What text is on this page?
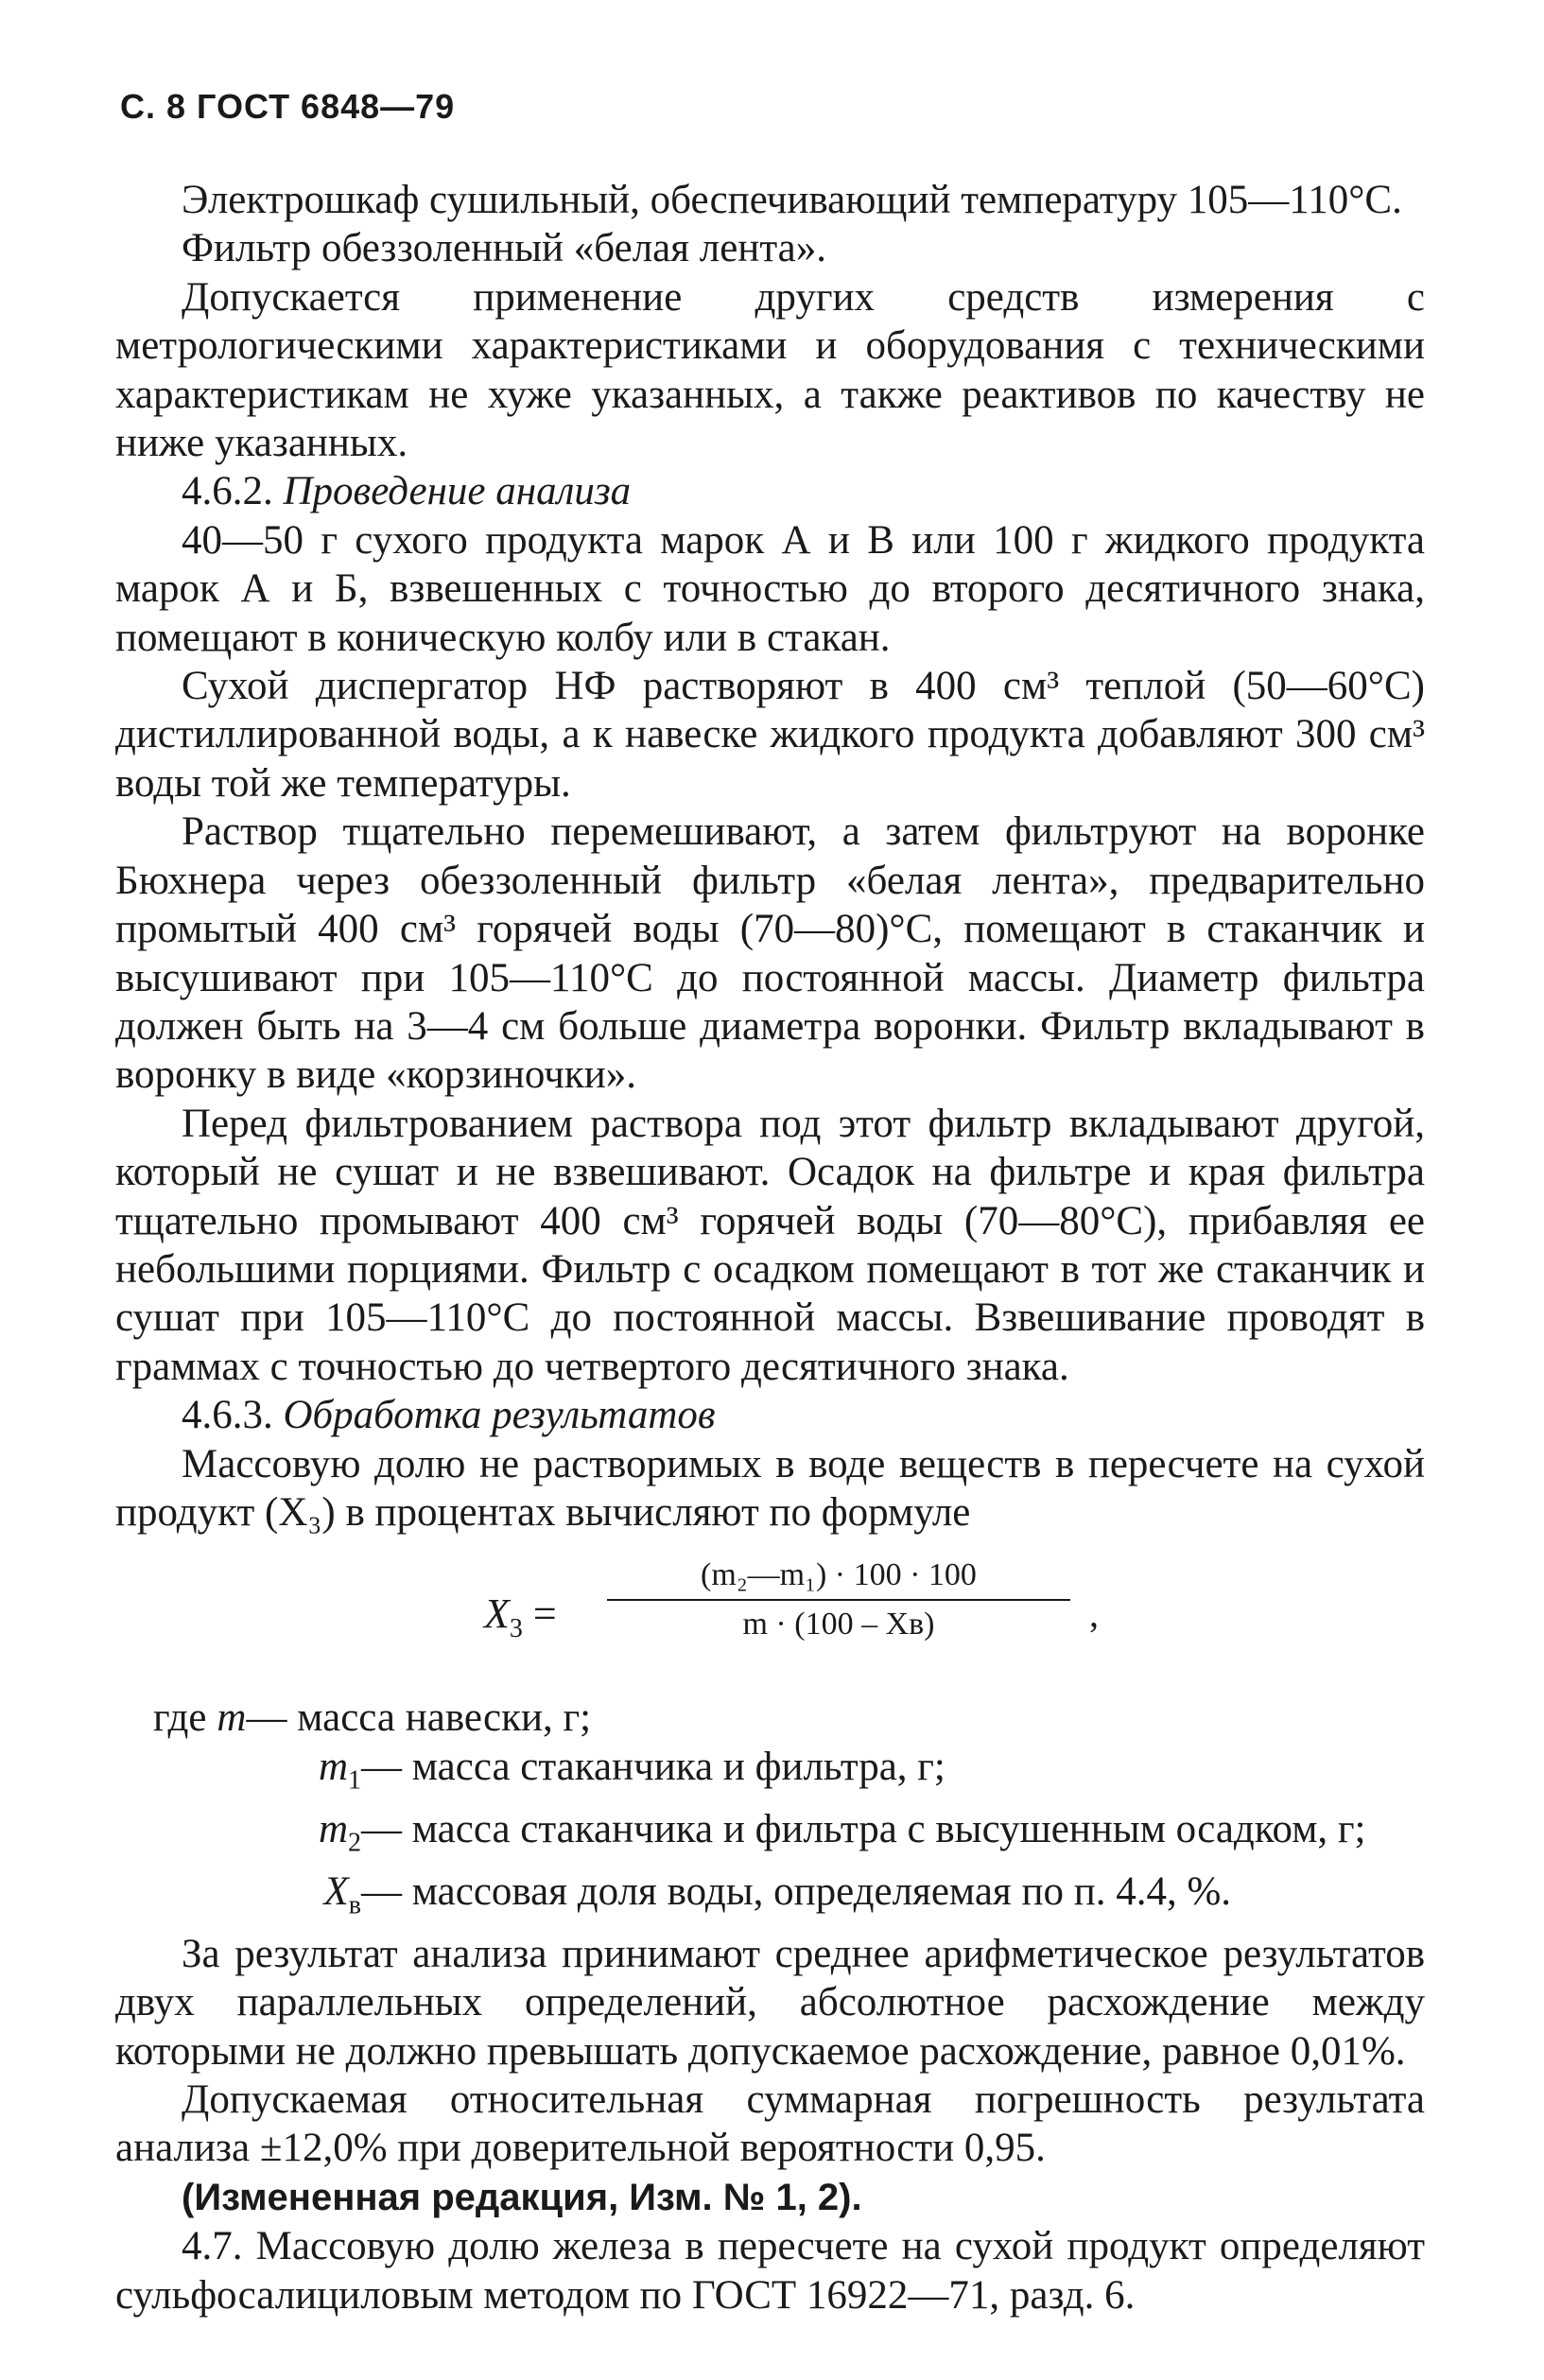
С. 8 ГОСТ 6848—79

Электрошкаф сушильный, обеспечивающий температуру 105—110°С.

Фильтр обеззоленный «белая лента».

Допускается применение других средств измерения с метрологическими характеристиками и оборудования с техническими характеристикам не хуже указанных, а также реактивов по качеству не ниже указанных.

4.6.2. Проведение анализа

40—50 г сухого продукта марок А и В или 100 г жидкого продукта марок А и Б, взвешенных с точностью до второго десятичного знака, помещают в коническую колбу или в стакан.

Сухой диспергатор НФ растворяют в 400 см³ теплой (50—60°С) дистиллированной воды, а к навеске жидкого продукта добавляют 300 см³ воды той же температуры.

Раствор тщательно перемешивают, а затем фильтруют на воронке Бюхнера через обеззоленный фильтр «белая лента», предварительно промытый 400 см³ горячей воды (70—80)°С, помещают в стаканчик и высушивают при 105—110°С до постоянной массы. Диаметр фильтра должен быть на 3—4 см больше диаметра воронки. Фильтр вкладывают в воронку в виде «корзиночки».

Перед фильтрованием раствора под этот фильтр вкладывают другой, который не сушат и не взвешивают. Осадок на фильтре и края фильтра тщательно промывают 400 см³ горячей воды (70—80°С), прибавляя ее небольшими порциями. Фильтр с осадком помещают в тот же стаканчик и сушат при 105—110°С до постоянной массы. Взвешивание проводят в граммах с точностью до четвертого десятичного знака.

4.6.3. Обработка результатов

Массовую долю не растворимых в воде веществ в пересчете на сухой продукт (X₃) в процентах вычисляют по формуле

$X_3$ =
(m₂—m₁) · 100 · 100
m · (100 – Xв)	,
где m — масса навески, г;
$m_1$ — масса стаканчика и фильтра, г;
$m_2$ — масса стаканчика и фильтра с высушенным осадком, г;
$X_в$ — массовая доля воды, определяемая по п. 4.4, %.

За результат анализа принимают среднее арифметическое результатов двух параллельных определений, абсолютное расхождение между которыми не должно превышать допускаемое расхождение, равное 0,01%.

Допускаемая относительная суммарная погрешность результата анализа ±12,0% при доверительной вероятности 0,95.

(Измененная редакция, Изм. № 1, 2).

4.7. Массовую долю железа в пересчете на сухой продукт определяют сульфосалициловым методом по ГОСТ 16922—71, разд. 6.
